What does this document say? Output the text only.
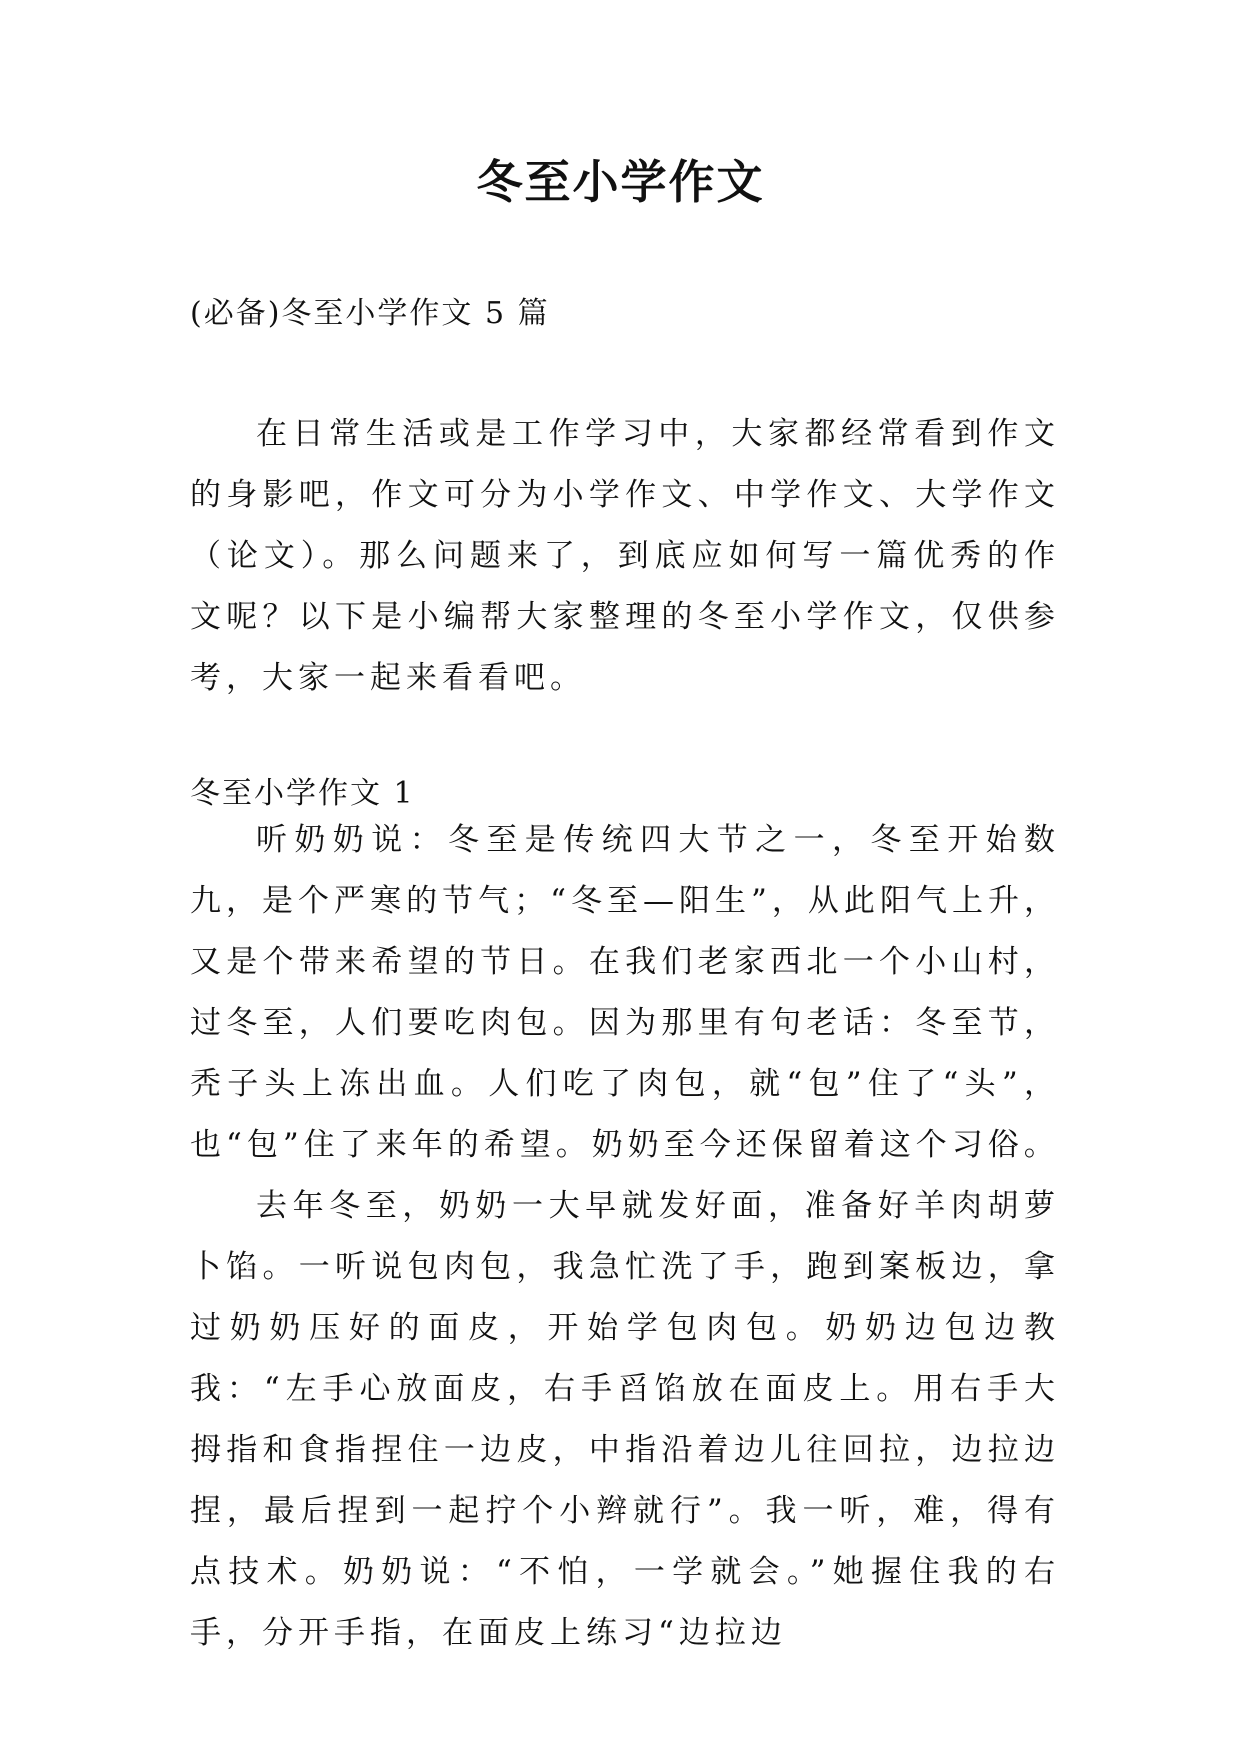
冬至小学作文
(必备)冬至小学作文 5 篇

在日常生活或是工作学习中，大家都经常看到作文的身影吧，作文可分为小学作文、中学作文、大学作文（论文）。那么问题来了，到底应如何写一篇优秀的作文呢？以下是小编帮大家整理的冬至小学作文，仅供参考，大家一起来看看吧。

冬至小学作文 1

听奶奶说：冬至是传统四大节之一，冬至开始数九，是个严寒的节气；“冬至—阳生”，从此阳气上升，又是个带来希望的节日。在我们老家西北一个小山村，过冬至，人们要吃肉包。因为那里有句老话：冬至节，秃子头上冻出血。人们吃了肉包，就“包”住了“头”，也“包”住了来年的希望。奶奶至今还保留着这个习俗。

去年冬至，奶奶一大早就发好面，准备好羊肉胡萝卜馅。一听说包肉包，我急忙洗了手，跑到案板边，拿过奶奶压好的面皮，开始学包肉包。奶奶边包边教我：“左手心放面皮，右手舀馅放在面皮上。用右手大拇指和食指捏住一边皮，中指沿着边儿往回拉，边拉边捏，最后捏到一起拧个小辫就行”。我一听，难，得有点技术。奶奶说：“不怕，一学就会。”她握住我的右手，分开手指，在面皮上练习“边拉边
